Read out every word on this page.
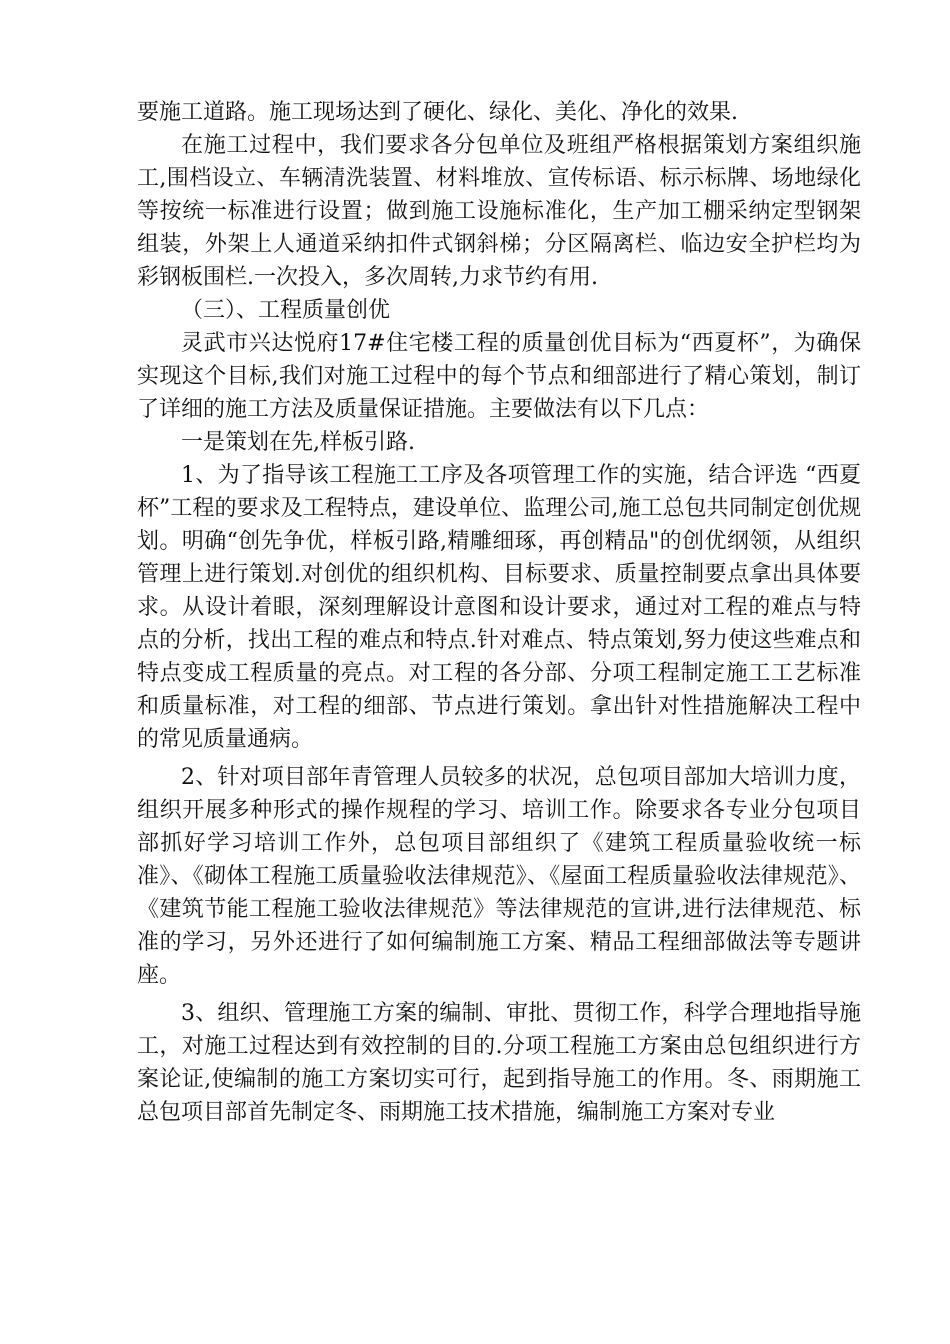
要施工道路。施工现场达到了硬化、绿化、美化、净化的效果.

在施工过程中，我们要求各分包单位及班组严格根据策划方案组织施工,围档设立、车辆清洗装置、材料堆放、宣传标语、标示标牌、场地绿化等按统一标准进行设置；做到施工设施标准化，生产加工棚采纳定型钢架组装，外架上人通道采纳扣件式钢斜梯；分区隔离栏、临边安全护栏均为彩钢板围栏.一次投入，多次周转,力求节约有用.

（三）、工程质量创优

灵武市兴达悦府17#住宅楼工程的质量创优目标为“西夏杯”，为确保实现这个目标,我们对施工过程中的每个节点和细部进行了精心策划，制订了详细的施工方法及质量保证措施。主要做法有以下几点：

一是策划在先,样板引路.

1、为了指导该工程施工工序及各项管理工作的实施，结合评选 “西夏杯”工程的要求及工程特点，建设单位、监理公司,施工总包共同制定创优规划。明确“创先争优，样板引路,精雕细琢，再创精品"的创优纲领，从组织管理上进行策划.对创优的组织机构、目标要求、质量控制要点拿出具体要求。从设计着眼，深刻理解设计意图和设计要求，通过对工程的难点与特点的分析，找出工程的难点和特点.针对难点、特点策划,努力使这些难点和特点变成工程质量的亮点。对工程的各分部、分项工程制定施工工艺标准和质量标准，对工程的细部、节点进行策划。拿出针对性措施解决工程中的常见质量通病。

2、针对项目部年青管理人员较多的状况，总包项目部加大培训力度，组织开展多种形式的操作规程的学习、培训工作。除要求各专业分包项目部抓好学习培训工作外，总包项目部组织了《建筑工程质量验收统一标准》、《砌体工程施工质量验收法律规范》、《屋面工程质量验收法律规范》、《建筑节能工程施工验收法律规范》等法律规范的宣讲,进行法律规范、标准的学习，另外还进行了如何编制施工方案、精品工程细部做法等专题讲座。

3、组织、管理施工方案的编制、审批、贯彻工作，科学合理地指导施工，对施工过程达到有效控制的目的.分项工程施工方案由总包组织进行方案论证,使编制的施工方案切实可行，起到指导施工的作用。冬、雨期施工总包项目部首先制定冬、雨期施工技术措施，编制施工方案对专业
